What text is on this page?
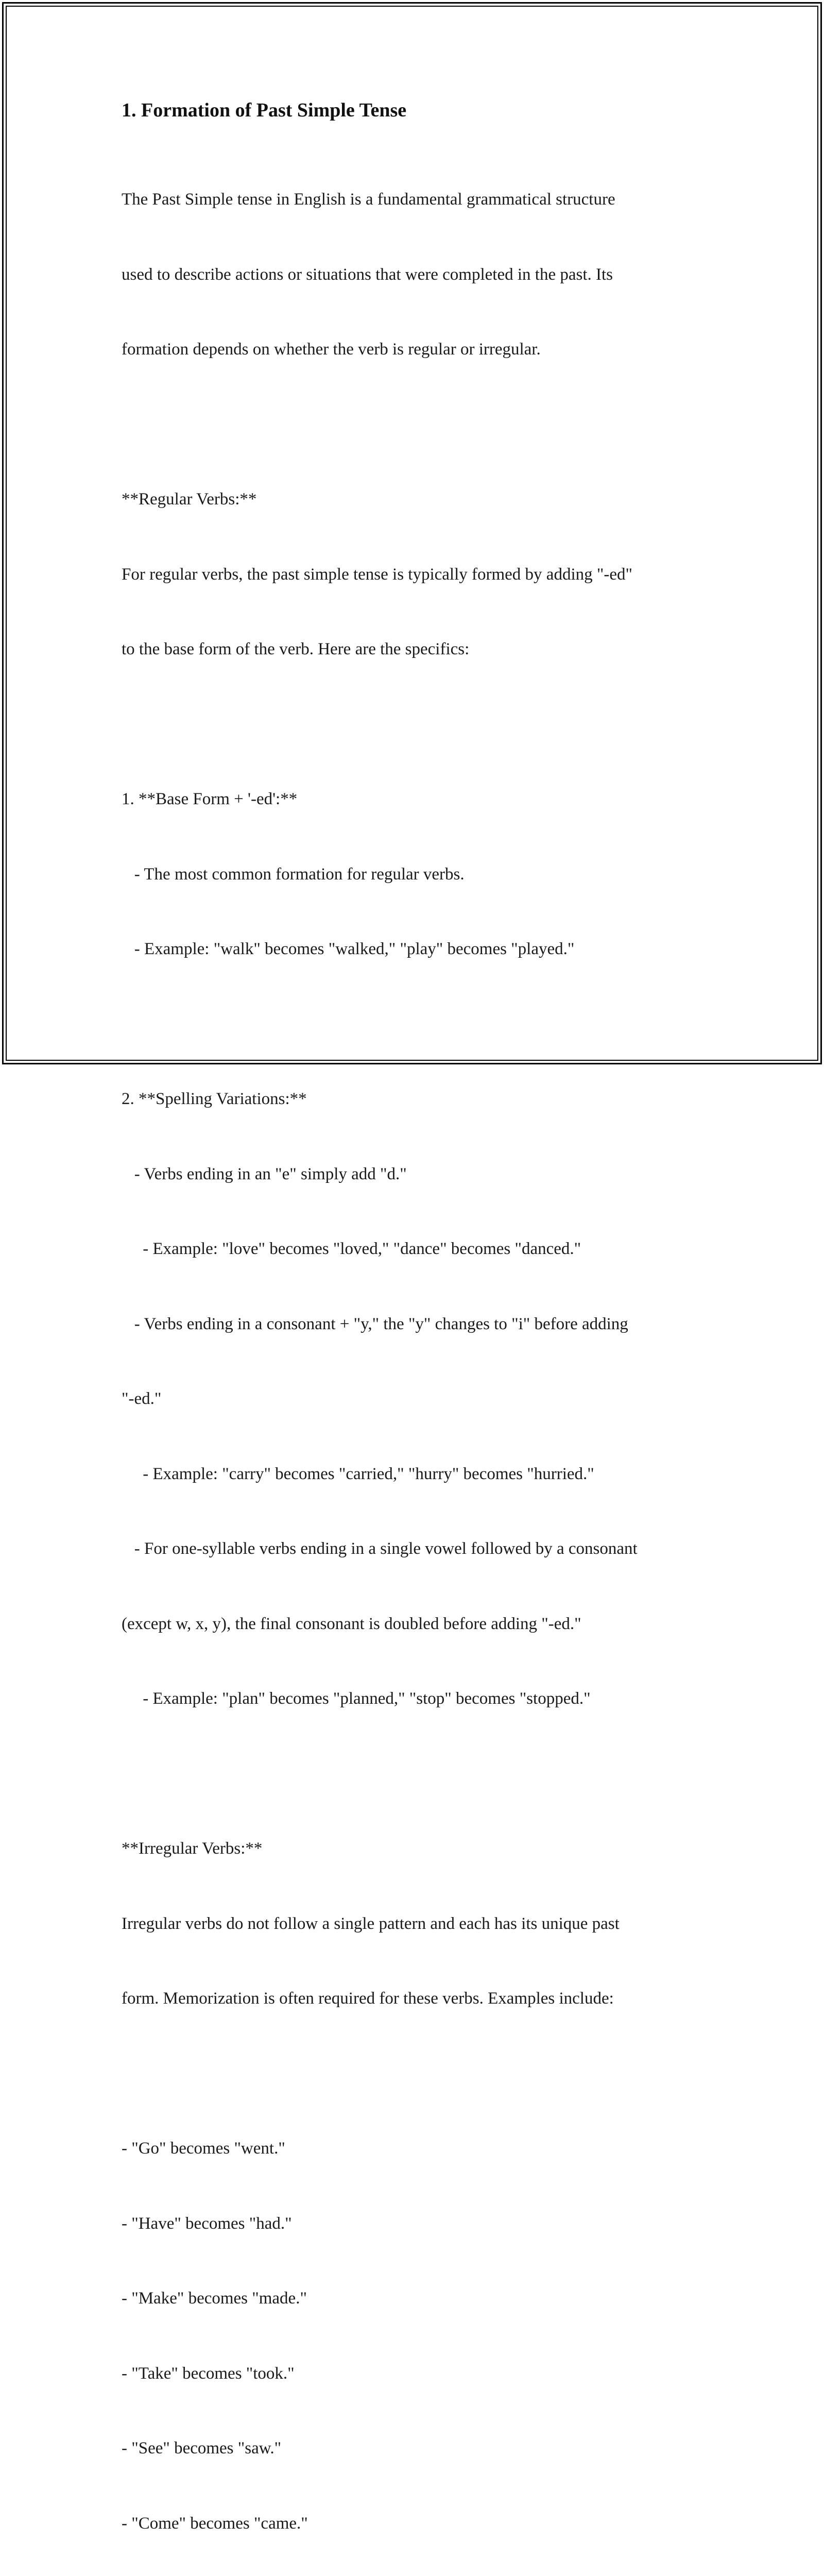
1. Formation of Past Simple Tense

The Past Simple tense in English is a fundamental grammatical structure

used to describe actions or situations that were completed in the past. Its

formation depends on whether the verb is regular or irregular.

**Regular Verbs:**

For regular verbs, the past simple tense is typically formed by adding "-ed"

to the base form of the verb. Here are the specifics:

1. **Base Form + '-ed':**

- The most common formation for regular verbs.

- Example: "walk" becomes "walked," "play" becomes "played."

2. **Spelling Variations:**

- Verbs ending in an "e" simply add "d."

- Example: "love" becomes "loved," "dance" becomes "danced."

- Verbs ending in a consonant + "y," the "y" changes to "i" before adding

"-ed."

- Example: "carry" becomes "carried," "hurry" becomes "hurried."

- For one-syllable verbs ending in a single vowel followed by a consonant

(except w, x, y), the final consonant is doubled before adding "-ed."

- Example: "plan" becomes "planned," "stop" becomes "stopped."

**Irregular Verbs:**

Irregular verbs do not follow a single pattern and each has its unique past

form. Memorization is often required for these verbs. Examples include:

- "Go" becomes "went."

- "Have" becomes "had."

- "Make" becomes "made."

- "Take" becomes "took."

- "See" becomes "saw."

- "Come" becomes "came."
